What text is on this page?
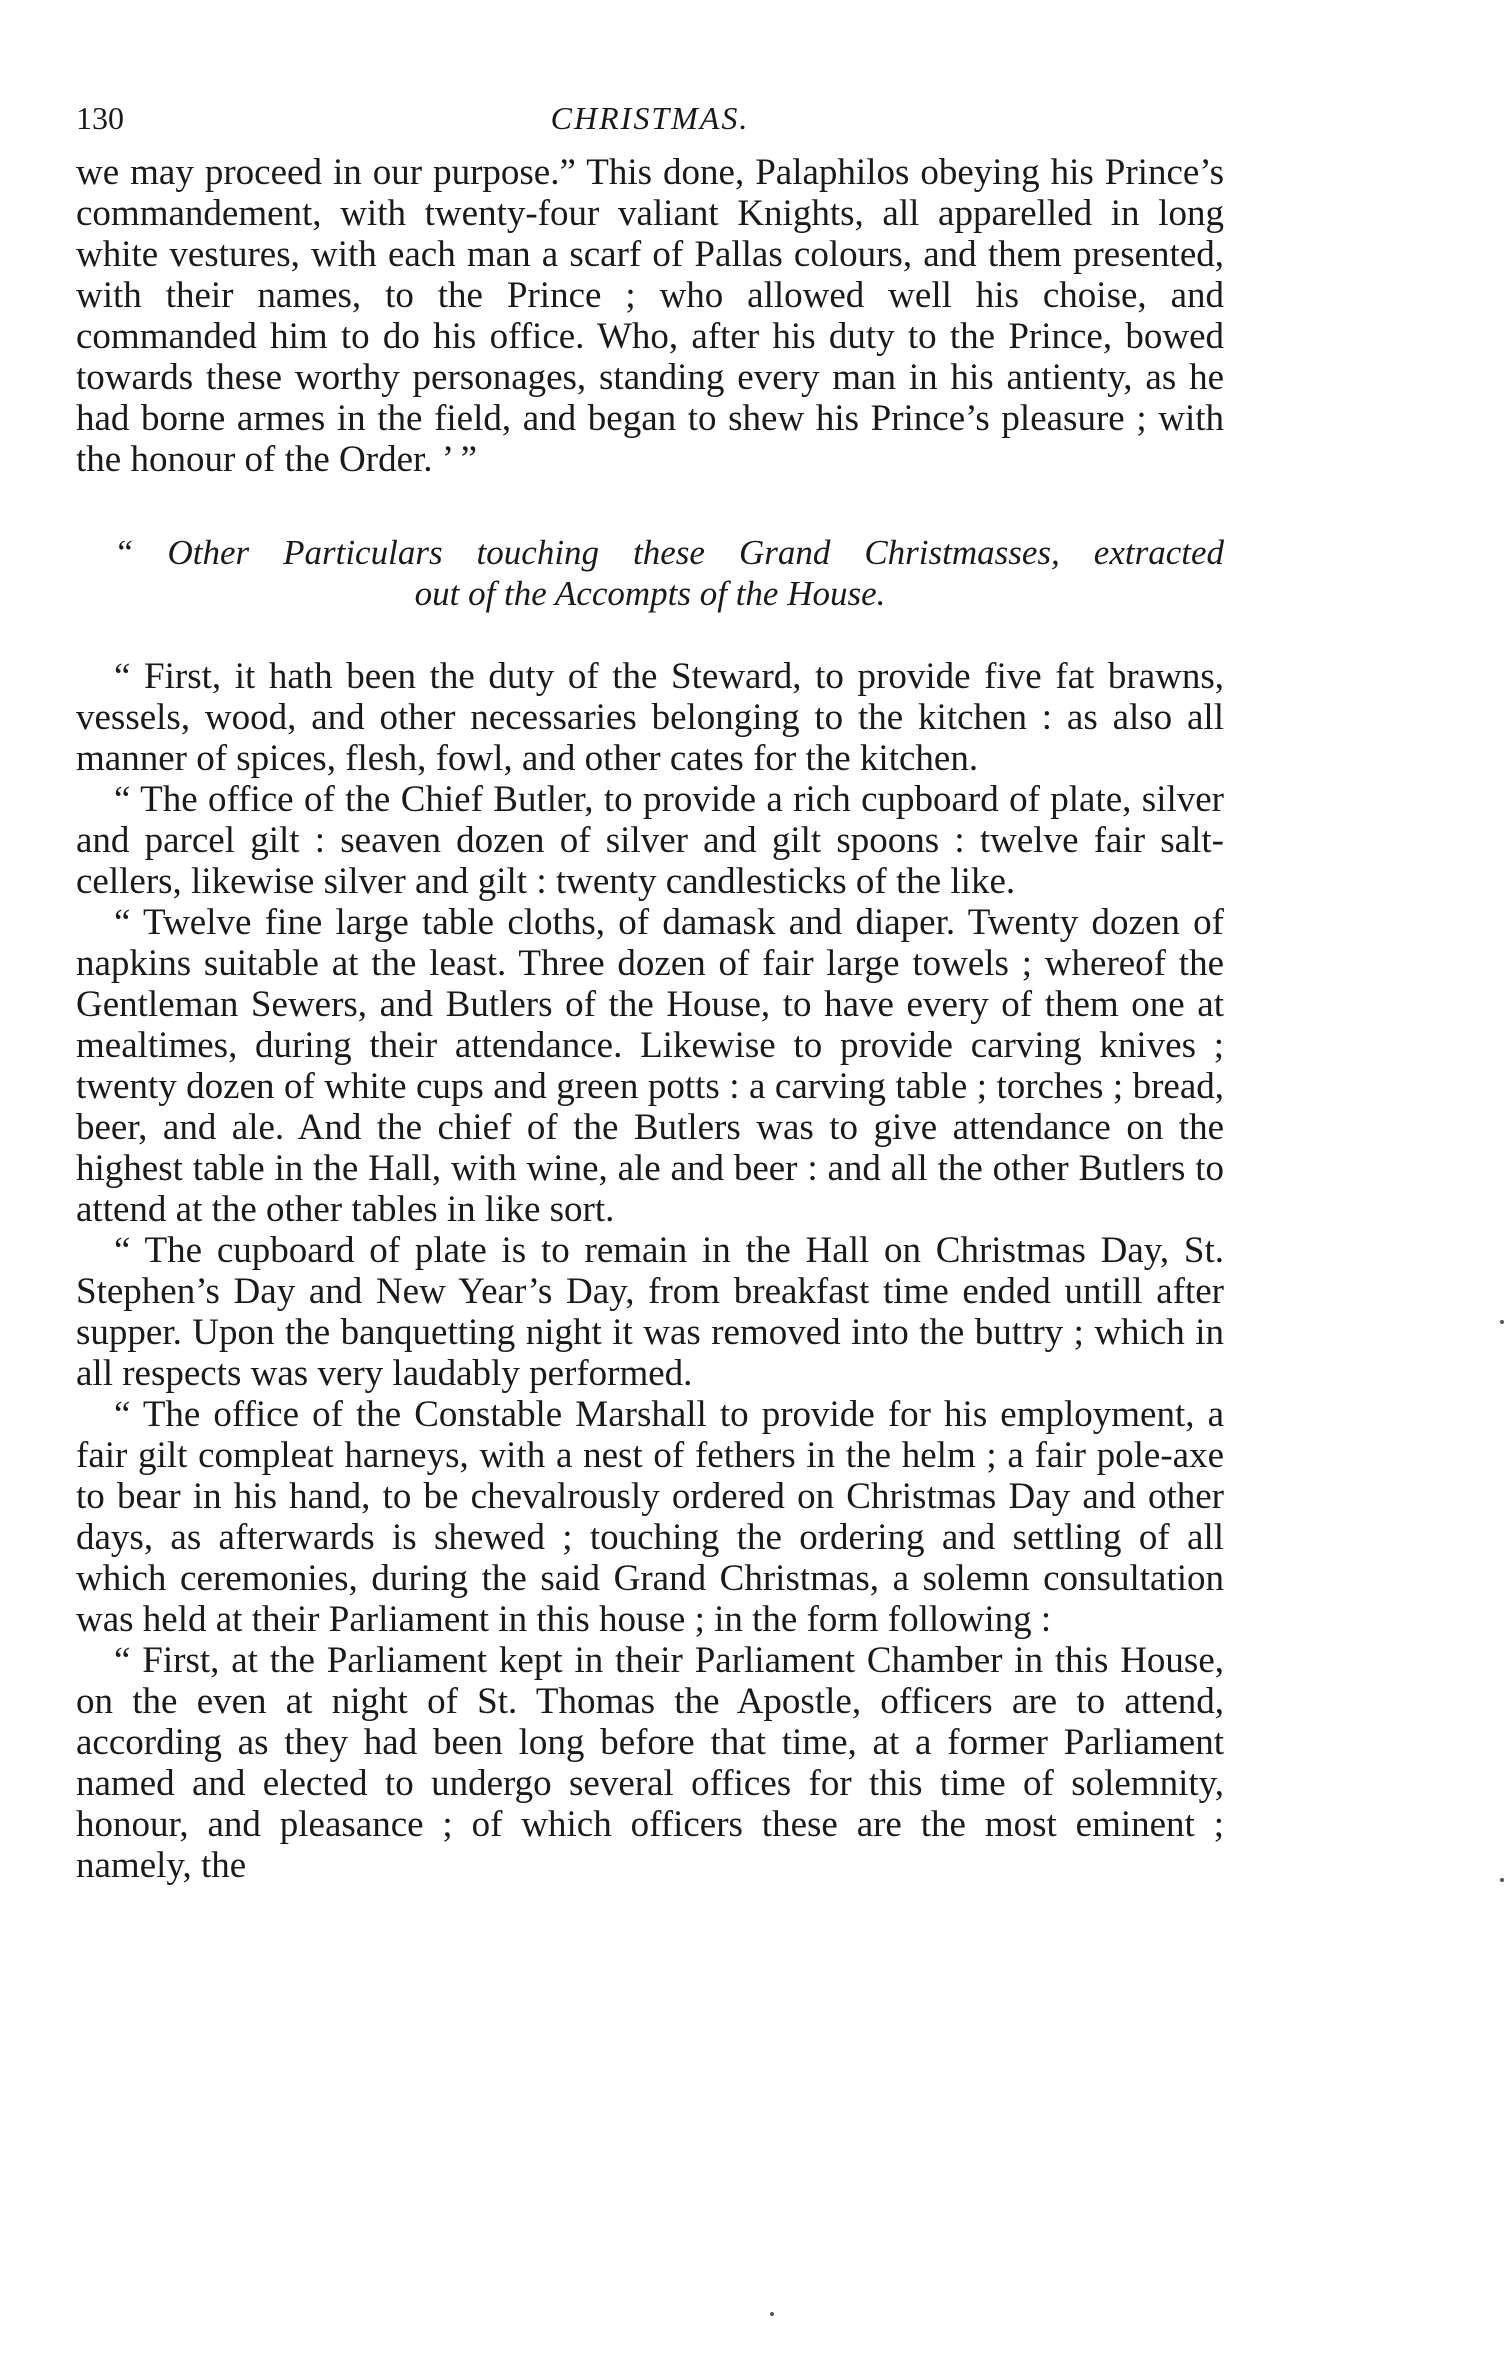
130	CHRISTMAS.

we may proceed in our purpose.” This done, Palaphilos obeying his Prince’s commandement, with twenty-four valiant Knights, all apparelled in long white vestures, with each man a scarf of Pallas colours, and them presented, with their names, to the Prince ; who allowed well his choise, and commanded him to do his office. Who, after his duty to the Prince, bowed towards these worthy personages, standing every man in his antienty, as he had borne armes in the field, and began to shew his Prince’s pleasure ; with the honour of the Order. ’ ”

“ Other Particulars touching these Grand Christmasses, extracted
out of the Accompts of the House.

“ First, it hath been the duty of the Steward, to provide five fat brawns, vessels, wood, and other necessaries belonging to the kitchen : as also all manner of spices, flesh, fowl, and other cates for the kitchen.

“ The office of the Chief Butler, to provide a rich cupboard of plate, silver and parcel gilt : seaven dozen of silver and gilt spoons : twelve fair salt-cellers, likewise silver and gilt : twenty candlesticks of the like.

“ Twelve fine large table cloths, of damask and diaper. Twenty dozen of napkins suitable at the least. Three dozen of fair large towels ; whereof the Gentleman Sewers, and Butlers of the House, to have every of them one at mealtimes, during their attendance. Likewise to provide carving knives ; twenty dozen of white cups and green potts : a carving table ; torches ; bread, beer, and ale. And the chief of the Butlers was to give attendance on the highest table in the Hall, with wine, ale and beer : and all the other Butlers to attend at the other tables in like sort.

“ The cupboard of plate is to remain in the Hall on Christmas Day, St. Stephen’s Day and New Year’s Day, from breakfast time ended untill after supper. Upon the banquetting night it was removed into the buttry ; which in all respects was very laudably performed.

“ The office of the Constable Marshall to provide for his employment, a fair gilt compleat harneys, with a nest of fethers in the helm ; a fair pole-axe to bear in his hand, to be chevalrously ordered on Christmas Day and other days, as afterwards is shewed ; touching the ordering and settling of all which ceremonies, during the said Grand Christmas, a solemn consultation was held at their Parliament in this house ; in the form following :

“ First, at the Parliament kept in their Parliament Chamber in this House, on the even at night of St. Thomas the Apostle, officers are to attend, according as they had been long before that time, at a former Parliament named and elected to undergo several offices for this time of solemnity, honour, and pleasance ; of which officers these are the most eminent ; namely, the
